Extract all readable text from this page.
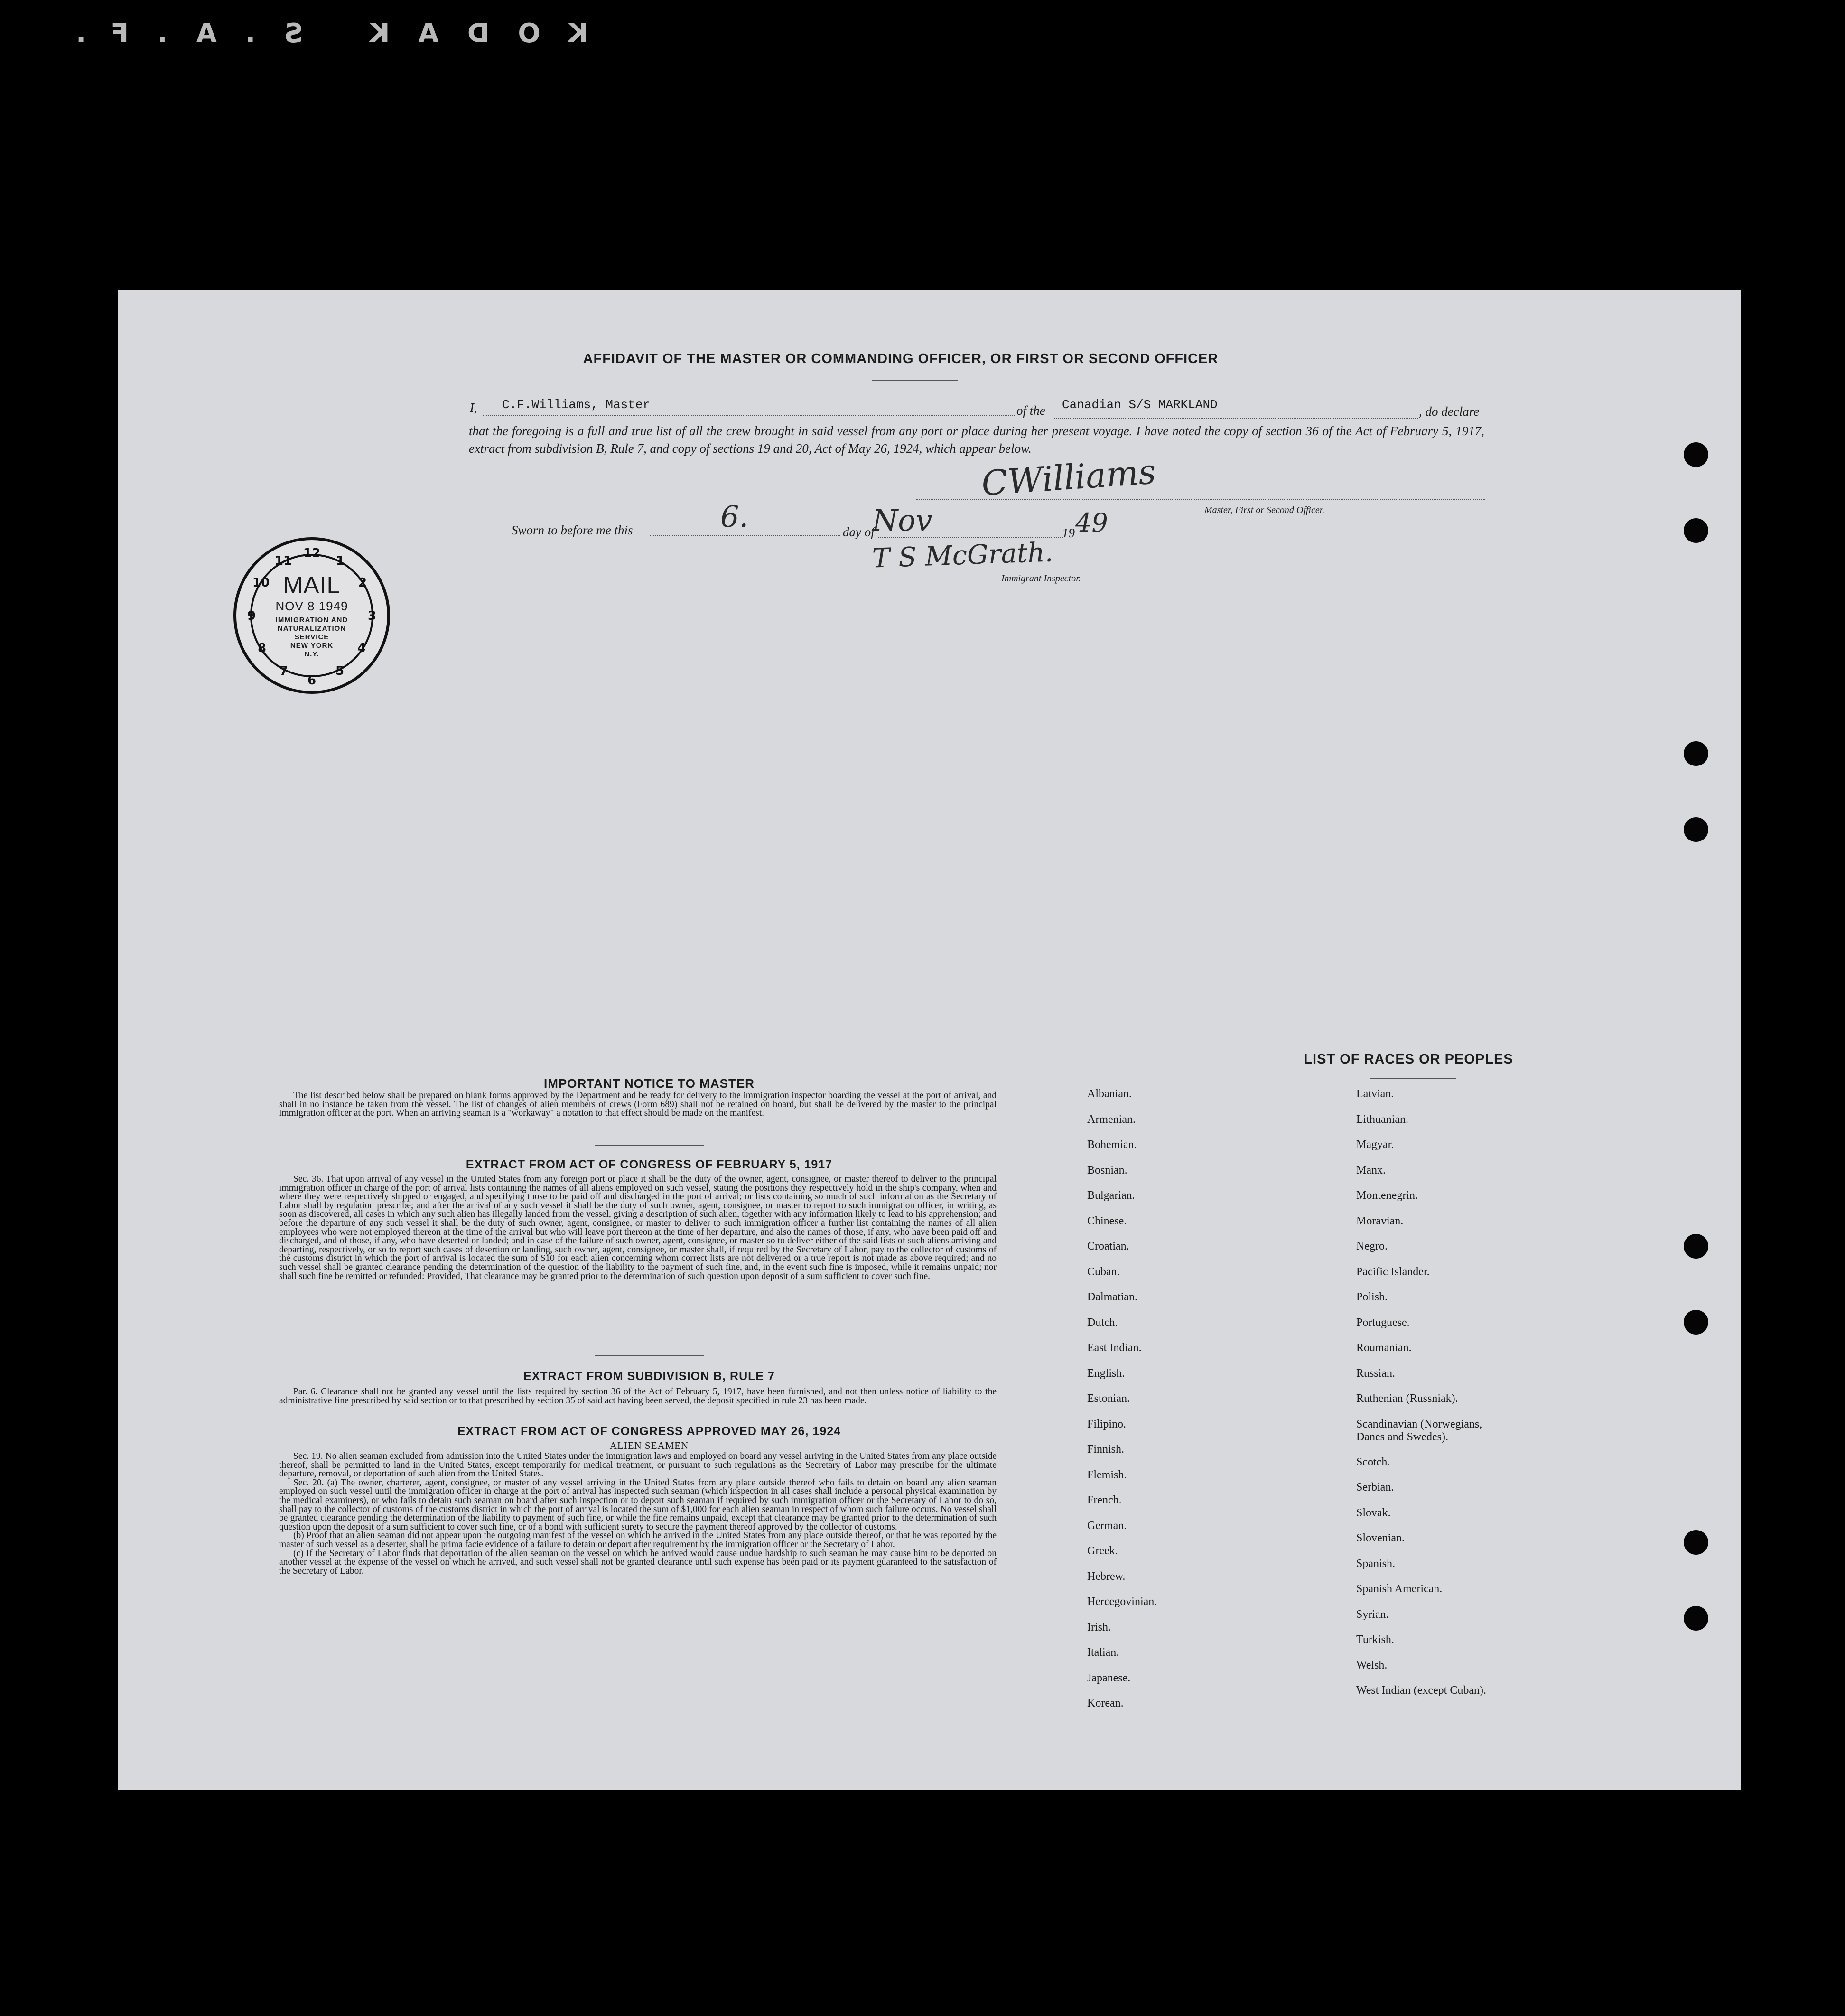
KODAK S.A.F.
AFFIDAVIT OF THE MASTER OR COMMANDING OFFICER, OR FIRST OR SECOND OFFICER
I, C.F.Williams, Master	of the Canadian S/S MARKLAND	, do declare
that the foregoing is a full and true list of all the crew brought in said vessel from any port or place during her present voyage. I have noted the copy of section 36 of the Act of February 5, 1917, extract from subdivision B, Rule 7, and copy of sections 19 and 20, Act of May 26, 1924, which appear below.
CWilliams
Master, First or Second Officer.
Sworn to before me this	6.	day of
Nov	19 49
T S McGrath.
Immigrant Inspector.
12
1
2
3
4
5
6
7
8
9
10
11
MAIL
NOV 8 1949
IMMIGRATION AND
NATURALIZATION
SERVICE
NEW YORK
N.Y.
IMPORTANT NOTICE TO MASTER
The list described below shall be prepared on blank forms approved by the Department and be ready for delivery to the immigration inspector boarding the vessel at the port of arrival, and shall in no instance be taken from the vessel. The list of changes of alien members of crews (Form 689) shall not be retained on board, but shall be delivered by the master to the principal immigration officer at the port. When an arriving seaman is a "workaway" a notation to that effect should be made on the manifest.
EXTRACT FROM ACT OF CONGRESS OF FEBRUARY 5, 1917
Sec. 36. That upon arrival of any vessel in the United States from any foreign port or place it shall be the duty of the owner, agent, consignee, or master thereof to deliver to the principal immigration officer in charge of the port of arrival lists containing the names of all aliens employed on such vessel, stating the positions they respectively hold in the ship's company, when and where they were respectively shipped or engaged, and specifying those to be paid off and discharged in the port of arrival; or lists containing so much of such information as the Secretary of Labor shall by regulation prescribe; and after the arrival of any such vessel it shall be the duty of such owner, agent, consignee, or master to report to such immigration officer, in writing, as soon as discovered, all cases in which any such alien has illegally landed from the vessel, giving a description of such alien, together with any information likely to lead to his apprehension; and before the departure of any such vessel it shall be the duty of such owner, agent, consignee, or master to deliver to such immigration officer a further list containing the names of all alien employees who were not employed thereon at the time of the arrival but who will leave port thereon at the time of her departure, and also the names of those, if any, who have been paid off and discharged, and of those, if any, who have deserted or landed; and in case of the failure of such owner, agent, consignee, or master so to deliver either of the said lists of such aliens arriving and departing, respectively, or so to report such cases of desertion or landing, such owner, agent, consignee, or master shall, if required by the Secretary of Labor, pay to the collector of customs of the customs district in which the port of arrival is located the sum of $10 for each alien concerning whom correct lists are not delivered or a true report is not made as above required; and no such vessel shall be granted clearance pending the determination of the question of the liability to the payment of such fine, and, in the event such fine is imposed, while it remains unpaid; nor shall such fine be remitted or refunded: Provided, That clearance may be granted prior to the determination of such question upon deposit of a sum sufficient to cover such fine.
EXTRACT FROM SUBDIVISION B, RULE 7
Par. 6. Clearance shall not be granted any vessel until the lists required by section 36 of the Act of February 5, 1917, have been furnished, and not then unless notice of liability to the administrative fine prescribed by said section or to that prescribed by section 35 of said act having been served, the deposit specified in rule 23 has been made.
EXTRACT FROM ACT OF CONGRESS APPROVED MAY 26, 1924
ALIEN SEAMEN

Sec. 19. No alien seaman excluded from admission into the United States under the immigration laws and employed on board any vessel arriving in the United States from any place outside thereof, shall be permitted to land in the United States, except temporarily for medical treatment, or pursuant to such regulations as the Secretary of Labor may prescribe for the ultimate departure, removal, or deportation of such alien from the United States.

Sec. 20. (a) The owner, charterer, agent, consignee, or master of any vessel arriving in the United States from any place outside thereof who fails to detain on board any alien seaman employed on such vessel until the immigration officer in charge at the port of arrival has inspected such seaman (which inspection in all cases shall include a personal physical examination by the medical examiners), or who fails to detain such seaman on board after such inspection or to deport such seaman if required by such immigration officer or the Secretary of Labor to do so, shall pay to the collector of customs of the customs district in which the port of arrival is located the sum of $1,000 for each alien seaman in respect of whom such failure occurs. No vessel shall be granted clearance pending the determination of the liability to payment of such fine, or while the fine remains unpaid, except that clearance may be granted prior to the determination of such question upon the deposit of a sum sufficient to cover such fine, or of a bond with sufficient surety to secure the payment thereof approved by the collector of customs.

(b) Proof that an alien seaman did not appear upon the outgoing manifest of the vessel on which he arrived in the United States from any place outside thereof, or that he was reported by the master of such vessel as a deserter, shall be prima facie evidence of a failure to detain or deport after requirement by the immigration officer or the Secretary of Labor.

(c) If the Secretary of Labor finds that deportation of the alien seaman on the vessel on which he arrived would cause undue hardship to such seaman he may cause him to be deported on another vessel at the expense of the vessel on which he arrived, and such vessel shall not be granted clearance until such expense has been paid or its payment guaranteed to the satisfaction of the Secretary of Labor.

LIST OF RACES OR PEOPLES
Albanian.
Armenian.
Bohemian.
Bosnian.
Bulgarian.
Chinese.
Croatian.
Cuban.
Dalmatian.
Dutch.
East Indian.
English.
Estonian.
Filipino.
Finnish.
Flemish.
French.
German.
Greek.
Hebrew.
Hercegovinian.
Irish.
Italian.
Japanese.
Korean.
Latvian.
Lithuanian.
Magyar.
Manx.
Montenegrin.
Moravian.
Negro.
Pacific Islander.
Polish.
Portuguese.
Roumanian.
Russian.
Ruthenian (Russniak).
Scandinavian (Norwegians,
Danes and Swedes).
Scotch.
Serbian.
Slovak.
Slovenian.
Spanish.
Spanish American.
Syrian.
Turkish.
Welsh.
West Indian (except Cuban).
